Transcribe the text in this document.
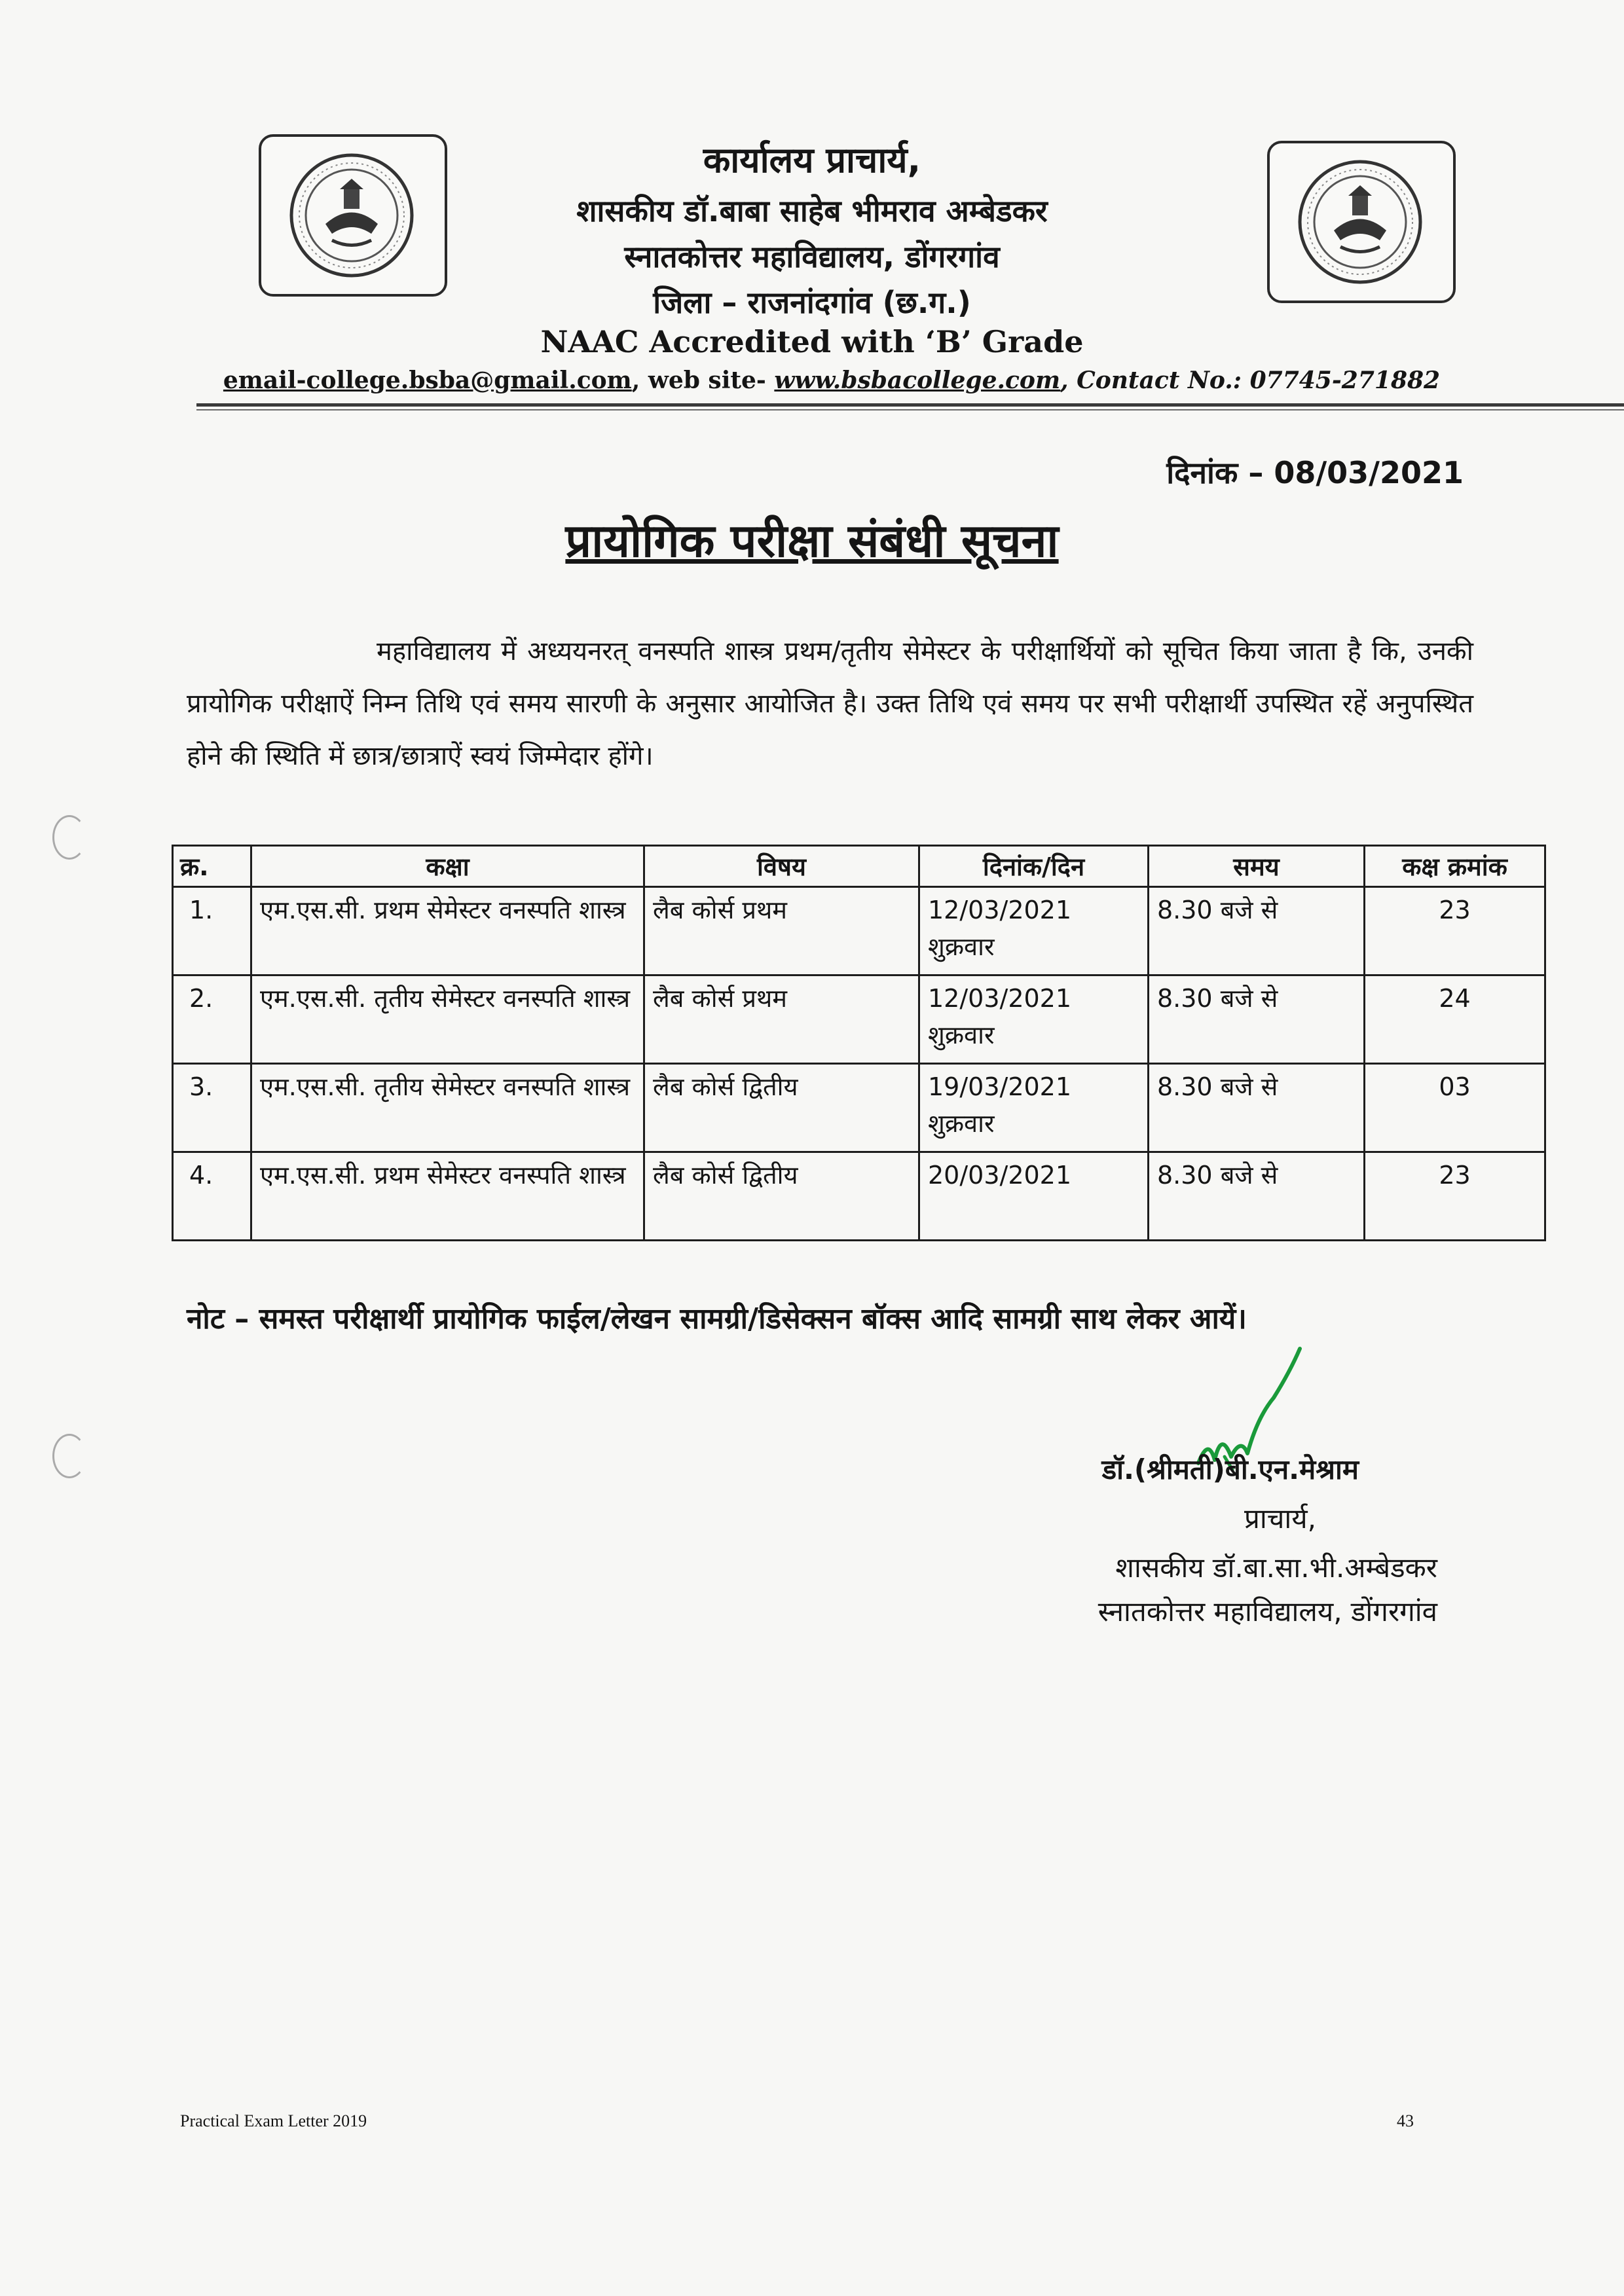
कार्यालय प्राचार्य,
शासकीय डॉ.बाबा साहेब भीमराव अम्बेडकर
स्नातकोत्तर महाविद्यालय, डोंगरगांव
जिला – राजनांदगांव (छ.ग.)
NAAC Accredited with ‘B’ Grade
email-college.bsba@gmail.com, web site- www.bsbacollege.com, Contact No.: 07745-271882
दिनांक – 08/03/2021
प्रायोगिक परीक्षा संबंधी सूचना
महाविद्यालय में अध्ययनरत् वनस्पति शास्त्र प्रथम/तृतीय सेमेस्टर के परीक्षार्थियों को सूचित किया जाता है कि, उनकी प्रायोगिक परीक्षाऐं निम्न तिथि एवं समय सारणी के अनुसार आयोजित है। उक्त तिथि एवं समय पर सभी परीक्षार्थी उपस्थित रहें अनुपस्थित होने की स्थिति में छात्र/छात्राऐं स्वयं जिम्मेदार होंगे।
क्र.	कक्षा	विषय	दिनांक/दिन	समय	कक्ष क्रमांक
1.	एम.एस.सी. प्रथम सेमेस्टर वनस्पति शास्त्र	लैब कोर्स प्रथम	12/03/2021
शुक्रवार	8.30 बजे से	23
2.	एम.एस.सी. तृतीय सेमेस्टर वनस्पति शास्त्र	लैब कोर्स प्रथम	12/03/2021
शुक्रवार	8.30 बजे से	24
3.	एम.एस.सी. तृतीय सेमेस्टर वनस्पति शास्त्र	लैब कोर्स द्वितीय	19/03/2021
शुक्रवार	8.30 बजे से	03
4.	एम.एस.सी. प्रथम सेमेस्टर वनस्पति शास्त्र	लैब कोर्स द्वितीय	20/03/2021	8.30 बजे से	23
नोट – समस्त परीक्षार्थी प्रायोगिक फाईल/लेखन सामग्री/डिसेक्सन बॉक्स आदि सामग्री साथ लेकर आयें।
डॉ.(श्रीमती)बी.एन.मेश्राम
प्राचार्य,
शासकीय डॉ.बा.सा.भी.अम्बेडकर
स्नातकोत्तर महाविद्यालय, डोंगरगांव
Practical Exam Letter 2019	43
